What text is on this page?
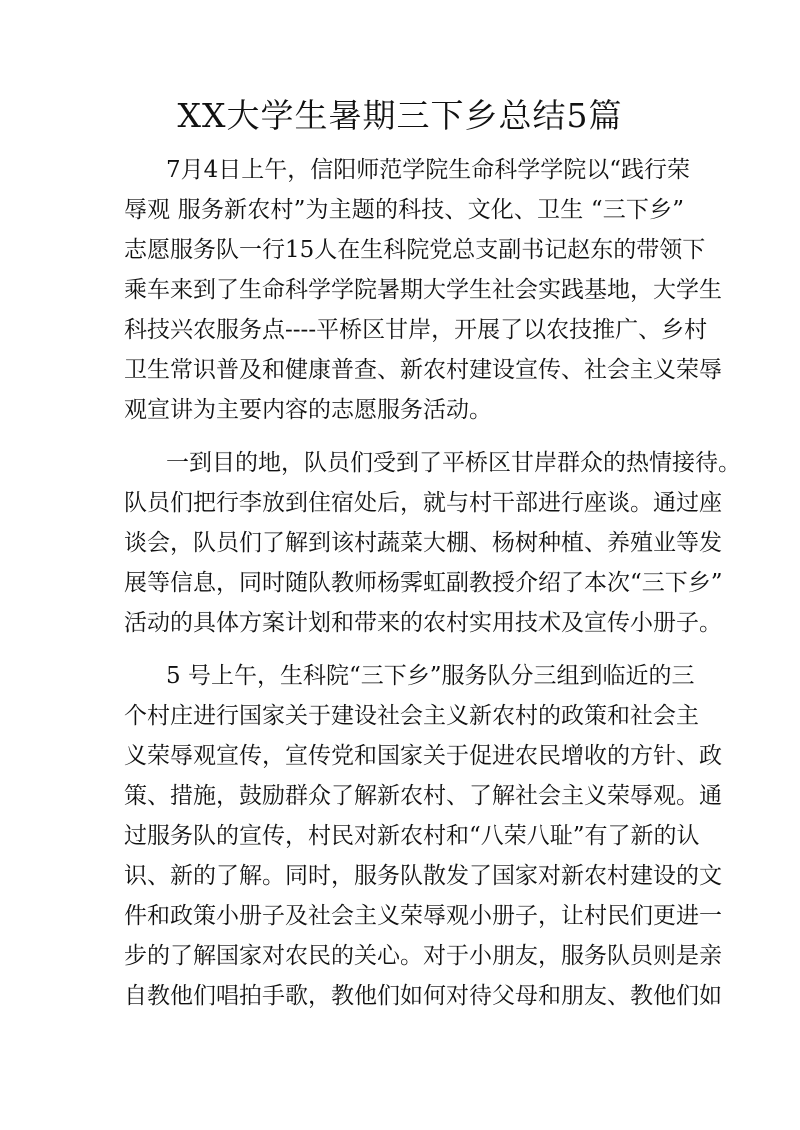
XX大学生暑期三下乡总结5篇
7月4日上午，信阳师范学院生命科学学院以“践行荣
辱观 服务新农村”为主题的科技、文化、卫生 “三下乡”
志愿服务队一行15人在生科院党总支副书记赵东的带领下
乘车来到了生命科学学院暑期大学生社会实践基地，大学生
科技兴农服务点----平桥区甘岸，开展了以农技推广、乡村
卫生常识普及和健康普查、新农村建设宣传、社会主义荣辱
观宣讲为主要内容的志愿服务活动。
一到目的地，队员们受到了平桥区甘岸群众的热情接待。
队员们把行李放到住宿处后，就与村干部进行座谈。通过座
谈会，队员们了解到该村蔬菜大棚、杨树种植、养殖业等发
展等信息，同时随队教师杨霁虹副教授介绍了本次“三下乡”
活动的具体方案计划和带来的农村实用技术及宣传小册子。
5 号上午，生科院“三下乡”服务队分三组到临近的三
个村庄进行国家关于建设社会主义新农村的政策和社会主
义荣辱观宣传，宣传党和国家关于促进农民增收的方针、政
策、措施，鼓励群众了解新农村、了解社会主义荣辱观。通
过服务队的宣传，村民对新农村和“八荣八耻”有了新的认
识、新的了解。同时，服务队散发了国家对新农村建设的文
件和政策小册子及社会主义荣辱观小册子，让村民们更进一
步的了解国家对农民的关心。对于小朋友，服务队员则是亲
自教他们唱拍手歌，教他们如何对待父母和朋友、教他们如
